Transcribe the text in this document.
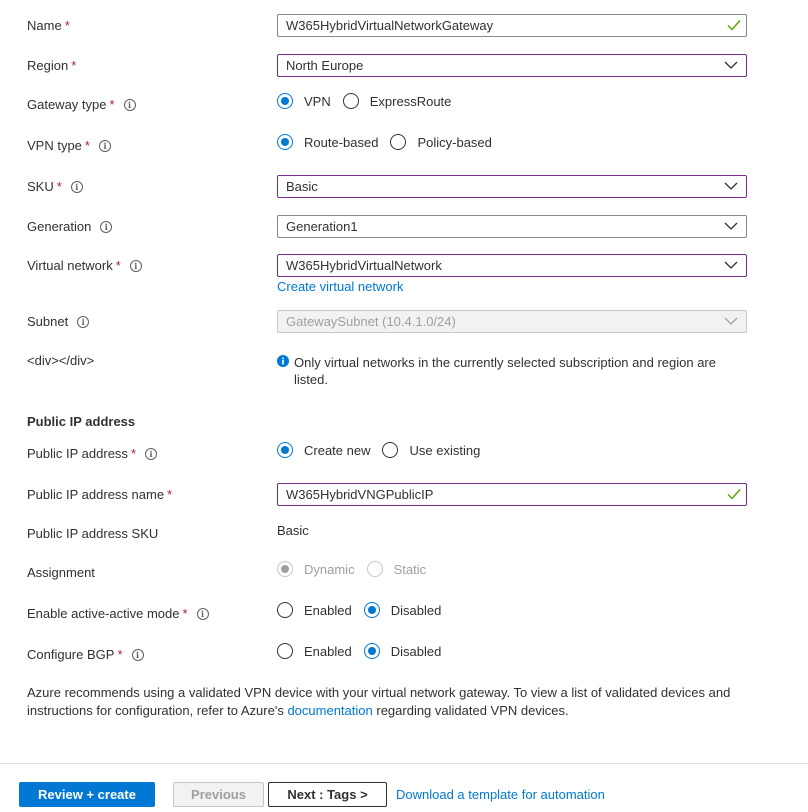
Name *	W365HybridVirtualNetworkGateway
Region *	North Europe
Gateway type * i	VPN	ExpressRoute
VPN type * i	Route-based	Policy-based
SKU * i	Basic
Generation i	Generation1
Virtual network * i	W365HybridVirtualNetwork
Create virtual network
Subnet i	GatewaySubnet (10.4.1.0/24)
<div></div>	Only virtual networks in the currently selected subscription and region are listed.
Public IP address
Public IP address * i	Create new	Use existing
Public IP address name *	W365HybridVNGPublicIP
Public IP address SKU	Basic
Assignment	Dynamic	Static
Enable active-active mode * i	Enabled	Disabled
Configure BGP * i	Enabled	Disabled
Azure recommends using a validated VPN device with your virtual network gateway. To view a list of validated devices and instructions for configuration, refer to Azure's documentation regarding validated VPN devices.
Review + create	Previous	Next : Tags >	Download a template for automation
